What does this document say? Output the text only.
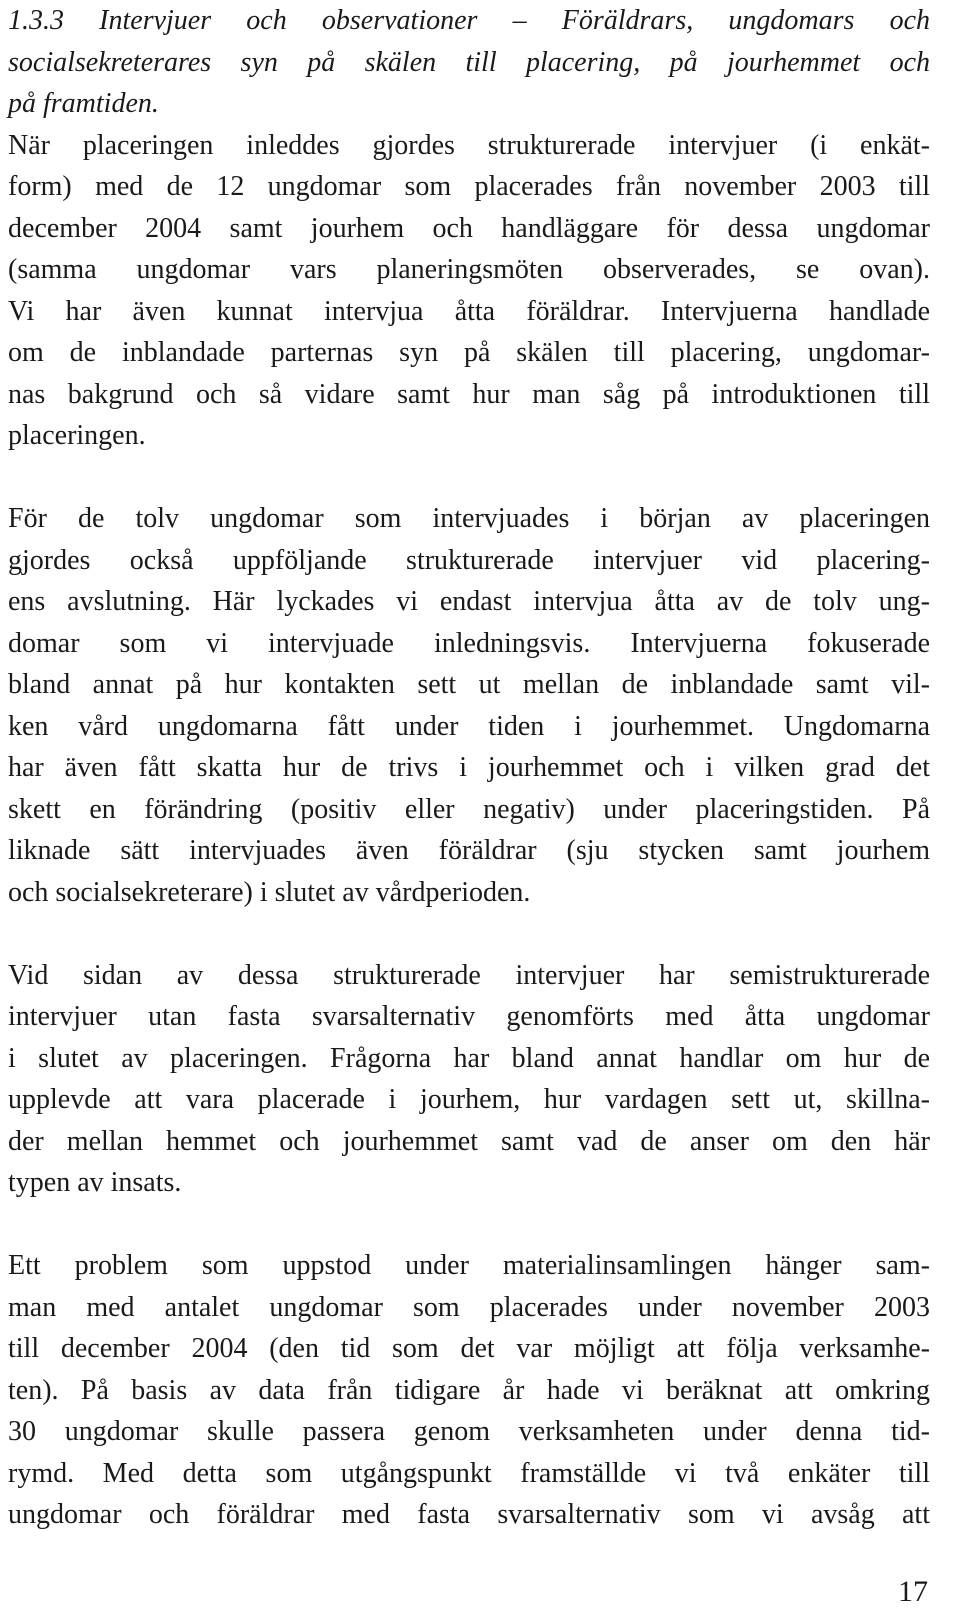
1.3.3 Intervjuer och observationer – Föräldrars, ungdomars och
socialsekreterares syn på skälen till placering, på jourhemmet och
på framtiden.
När placeringen inleddes gjordes strukturerade intervjuer (i enkät-
form) med de 12 ungdomar som placerades från november 2003 till
december 2004 samt jourhem och handläggare för dessa ungdomar
(samma ungdomar vars planeringsmöten observerades, se ovan).
Vi har även kunnat intervjua åtta föräldrar. Intervjuerna handlade
om de inblandade parternas syn på skälen till placering, ungdomar-
nas bakgrund och så vidare samt hur man såg på introduktionen till
placeringen.
För de tolv ungdomar som intervjuades i början av placeringen
gjordes också uppföljande strukturerade intervjuer vid placering-
ens avslutning. Här lyckades vi endast intervjua åtta av de tolv ung-
domar som vi intervjuade inledningsvis. Intervjuerna fokuserade
bland annat på hur kontakten sett ut mellan de inblandade samt vil-
ken vård ungdomarna fått under tiden i jourhemmet. Ungdomarna
har även fått skatta hur de trivs i jourhemmet och i vilken grad det
skett en förändring (positiv eller negativ) under placeringstiden. På
liknade sätt intervjuades även föräldrar (sju stycken samt jourhem
och socialsekreterare) i slutet av vårdperioden.
Vid sidan av dessa strukturerade intervjuer har semistrukturerade
intervjuer utan fasta svarsalternativ genomförts med åtta ungdomar
i slutet av placeringen. Frågorna har bland annat handlar om hur de
upplevde att vara placerade i jourhem, hur vardagen sett ut, skillna-
der mellan hemmet och jourhemmet samt vad de anser om den här
typen av insats.
Ett problem som uppstod under materialinsamlingen hänger sam-
man med antalet ungdomar som placerades under november 2003
till december 2004 (den tid som det var möjligt att följa verksamhe-
ten). På basis av data från tidigare år hade vi beräknat att omkring
30 ungdomar skulle passera genom verksamheten under denna tid-
rymd. Med detta som utgångspunkt framställde vi två enkäter till
ungdomar och föräldrar med fasta svarsalternativ som vi avsåg att
17
